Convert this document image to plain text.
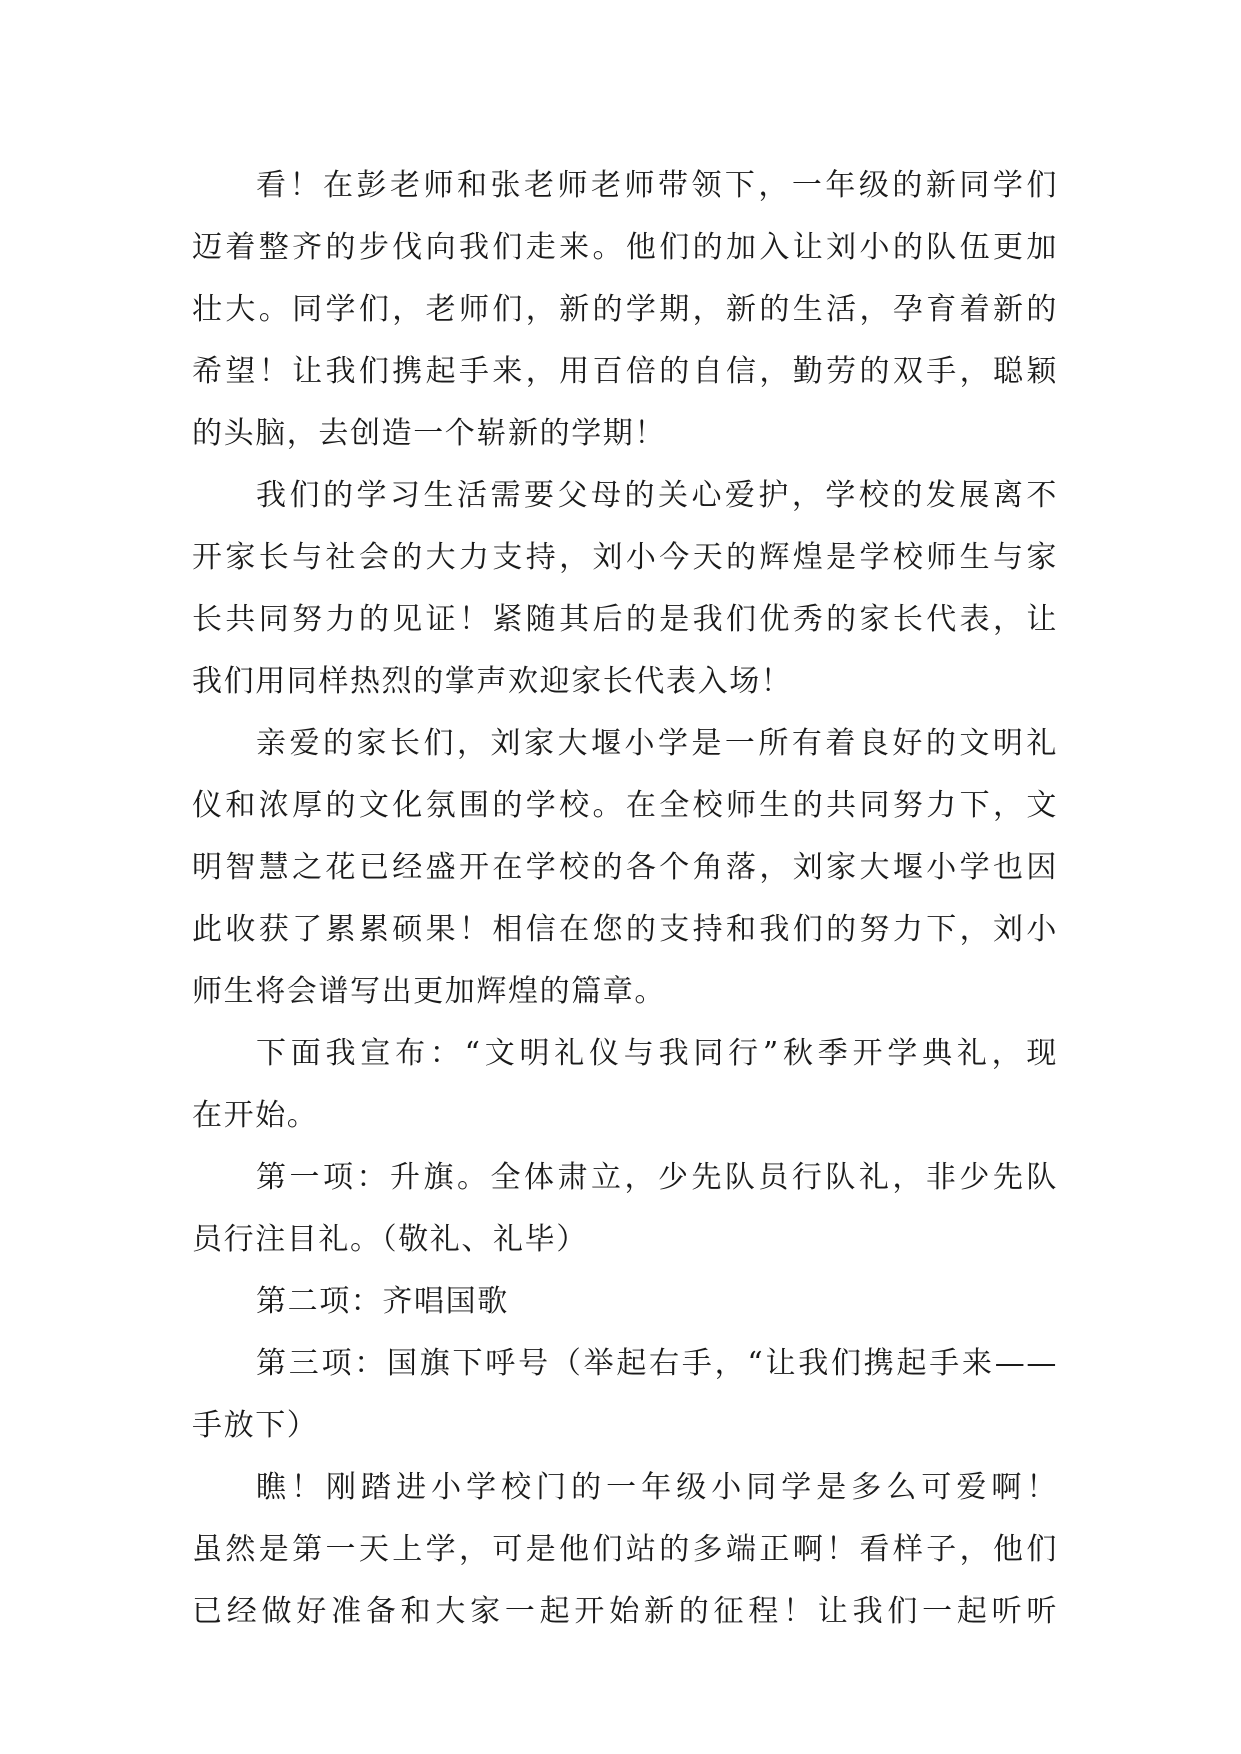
看！在彭老师和张老师老师带领下，一年级的新同学们
迈着整齐的步伐向我们走来。他们的加入让刘小的队伍更加
壮大。同学们，老师们，新的学期，新的生活，孕育着新的
希望！让我们携起手来，用百倍的自信，勤劳的双手，聪颖
的头脑，去创造一个崭新的学期！
我们的学习生活需要父母的关心爱护，学校的发展离不
开家长与社会的大力支持，刘小今天的辉煌是学校师生与家
长共同努力的见证！紧随其后的是我们优秀的家长代表，让
我们用同样热烈的掌声欢迎家长代表入场！
亲爱的家长们，刘家大堰小学是一所有着良好的文明礼
仪和浓厚的文化氛围的学校。在全校师生的共同努力下，文
明智慧之花已经盛开在学校的各个角落，刘家大堰小学也因
此收获了累累硕果！相信在您的支持和我们的努力下，刘小
师生将会谱写出更加辉煌的篇章。
下面我宣布：“文明礼仪与我同行”秋季开学典礼，现
在开始。
第一项：升旗。全体肃立，少先队员行队礼，非少先队
员行注目礼。（敬礼、礼毕）
第二项：齐唱国歌
第三项：国旗下呼号（举起右手，“让我们携起手来——
手放下）
瞧！刚踏进小学校门的一年级小同学是多么可爱啊！
虽然是第一天上学，可是他们站的多端正啊！看样子，他们
已经做好准备和大家一起开始新的征程！让我们一起听听
